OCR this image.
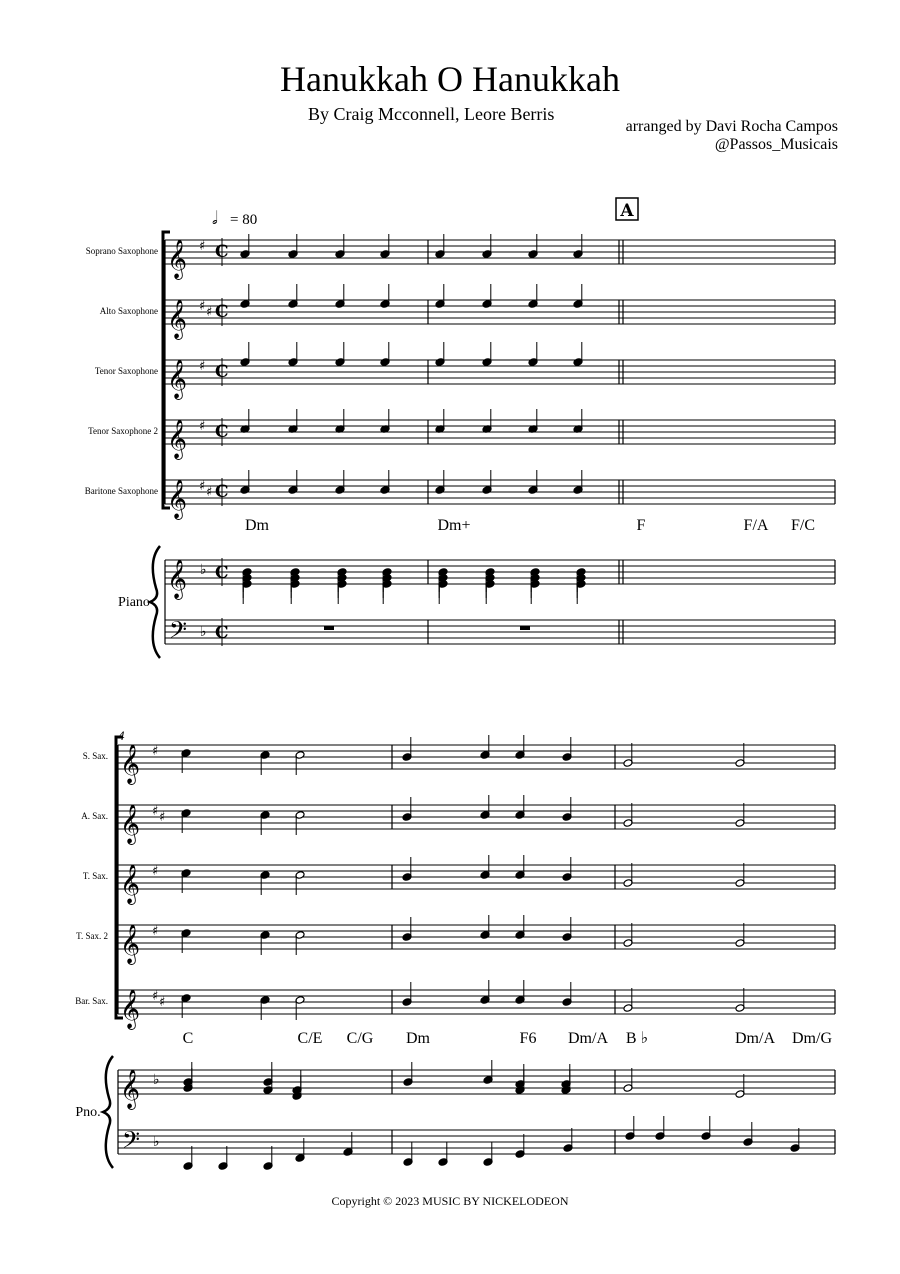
Hanukkah O Hanukkah
By Craig Mcconnell, Leore Berris
arranged by Davi Rocha Campos
@Passos_Musicais
Soprano Saxophone 𝄞 ♯ C
Alto Saxophone 𝄞 ♯ ♯ C
Tenor Saxophone 𝄞 ♯ C
Tenor Saxophone 2 𝄞 ♯ C
Baritone Saxophone 𝄞 ♯ ♯ C
𝅗𝅥 = 80	A
Dm	Dm+	F	F/A F/C
Piano
𝄞
𝄢
♭
♭
C
C
S. Sax. 𝄞 ♯
A. Sax. 𝄞 ♯ ♯
T. Sax. 𝄞 ♯
T. Sax. 2 𝄞 ♯
Bar. Sax. 𝄞 ♯ ♯
4
C	C/E C/G Dm	F6 Dm/A B ♭	Dm/A Dm/G
Pno.
𝄞
𝄢
♭
♭
Copyright © 2023 MUSIC BY NICKELODEON
